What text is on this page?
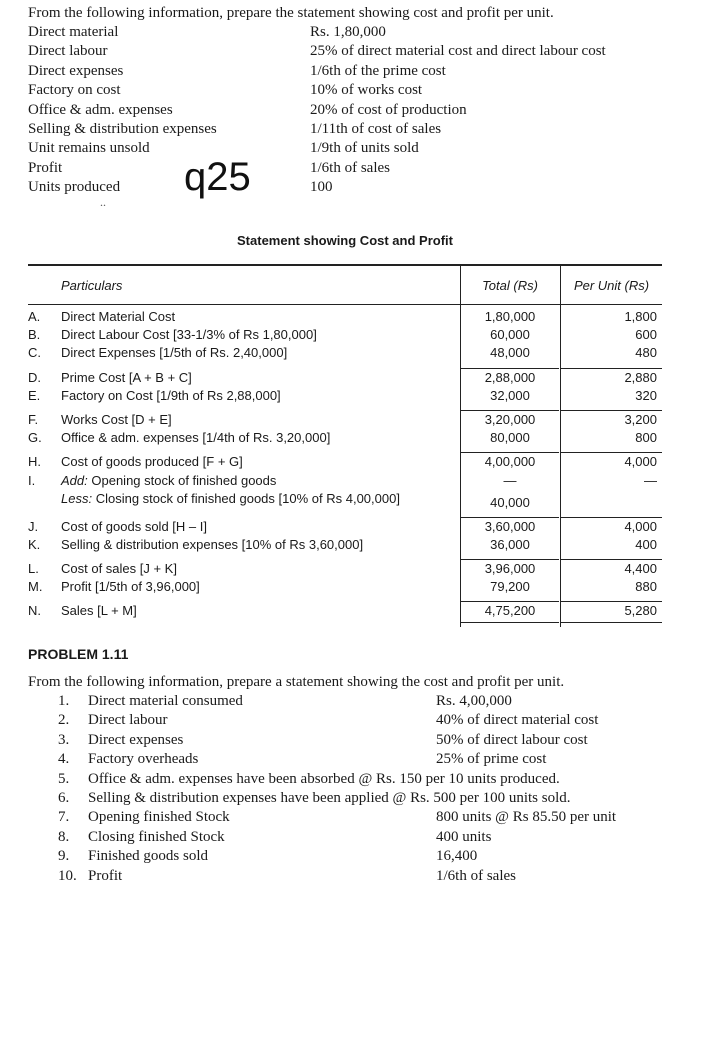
From the following information, prepare the statement showing cost and profit per unit.
Direct material	Rs. 1,80,000
Direct labour	25% of direct material cost and direct labour cost
Direct expenses	1/6th of the prime cost
Factory on cost	10% of works cost
Office & adm. expenses	20% of cost of production
Selling & distribution expenses	1/11th of cost of sales
Unit remains unsold	1/9th of units sold
Profit	1/6th of sales
Units produced	100
q25
..
Statement showing Cost and Profit
Particulars	Total (Rs)	Per Unit (Rs)
A. Direct Material Cost	1,80,000	1,800
B. Direct Labour Cost [33-1/3% of Rs 1,80,000]	60,000	600
C. Direct Expenses [1/5th of Rs. 2,40,000]	48,000	480
D. Prime Cost [A + B + C]	2,88,000	2,880
E. Factory on Cost [1/9th of Rs 2,88,000]	32,000	320
F. Works Cost [D + E]	3,20,000	3,200
G. Office & adm. expenses [1/4th of Rs. 3,20,000]	80,000	800
H. Cost of goods produced [F + G]	4,00,000	4,000
I. Add: Opening stock of finished goods	—	—
Less: Closing stock of finished goods [10% of Rs 4,00,000]	40,000
J. Cost of goods sold [H – I]	3,60,000	4,000
K. Selling & distribution expenses [10% of Rs 3,60,000]	36,000	400
L. Cost of sales [J + K]	3,96,000	4,400
M. Profit [1/5th of 3,96,000]	79,200	880
N. Sales [L + M]	4,75,200	5,280
PROBLEM 1.11
From the following information, prepare a statement showing the cost and profit per unit.
1.	Direct material consumed	Rs. 4,00,000
2.	Direct labour	40% of direct material cost
3.	Direct expenses	50% of direct labour cost
4.	Factory overheads	25% of prime cost
5.	Office & adm. expenses have been absorbed @ Rs. 150 per 10 units produced.
6.	Selling & distribution expenses have been applied @ Rs. 500 per 100 units sold.
7.	Opening finished Stock	800 units @ Rs 85.50 per unit
8.	Closing finished Stock	400 units
9.	Finished goods sold	16,400
10. Profit	1/6th of sales
